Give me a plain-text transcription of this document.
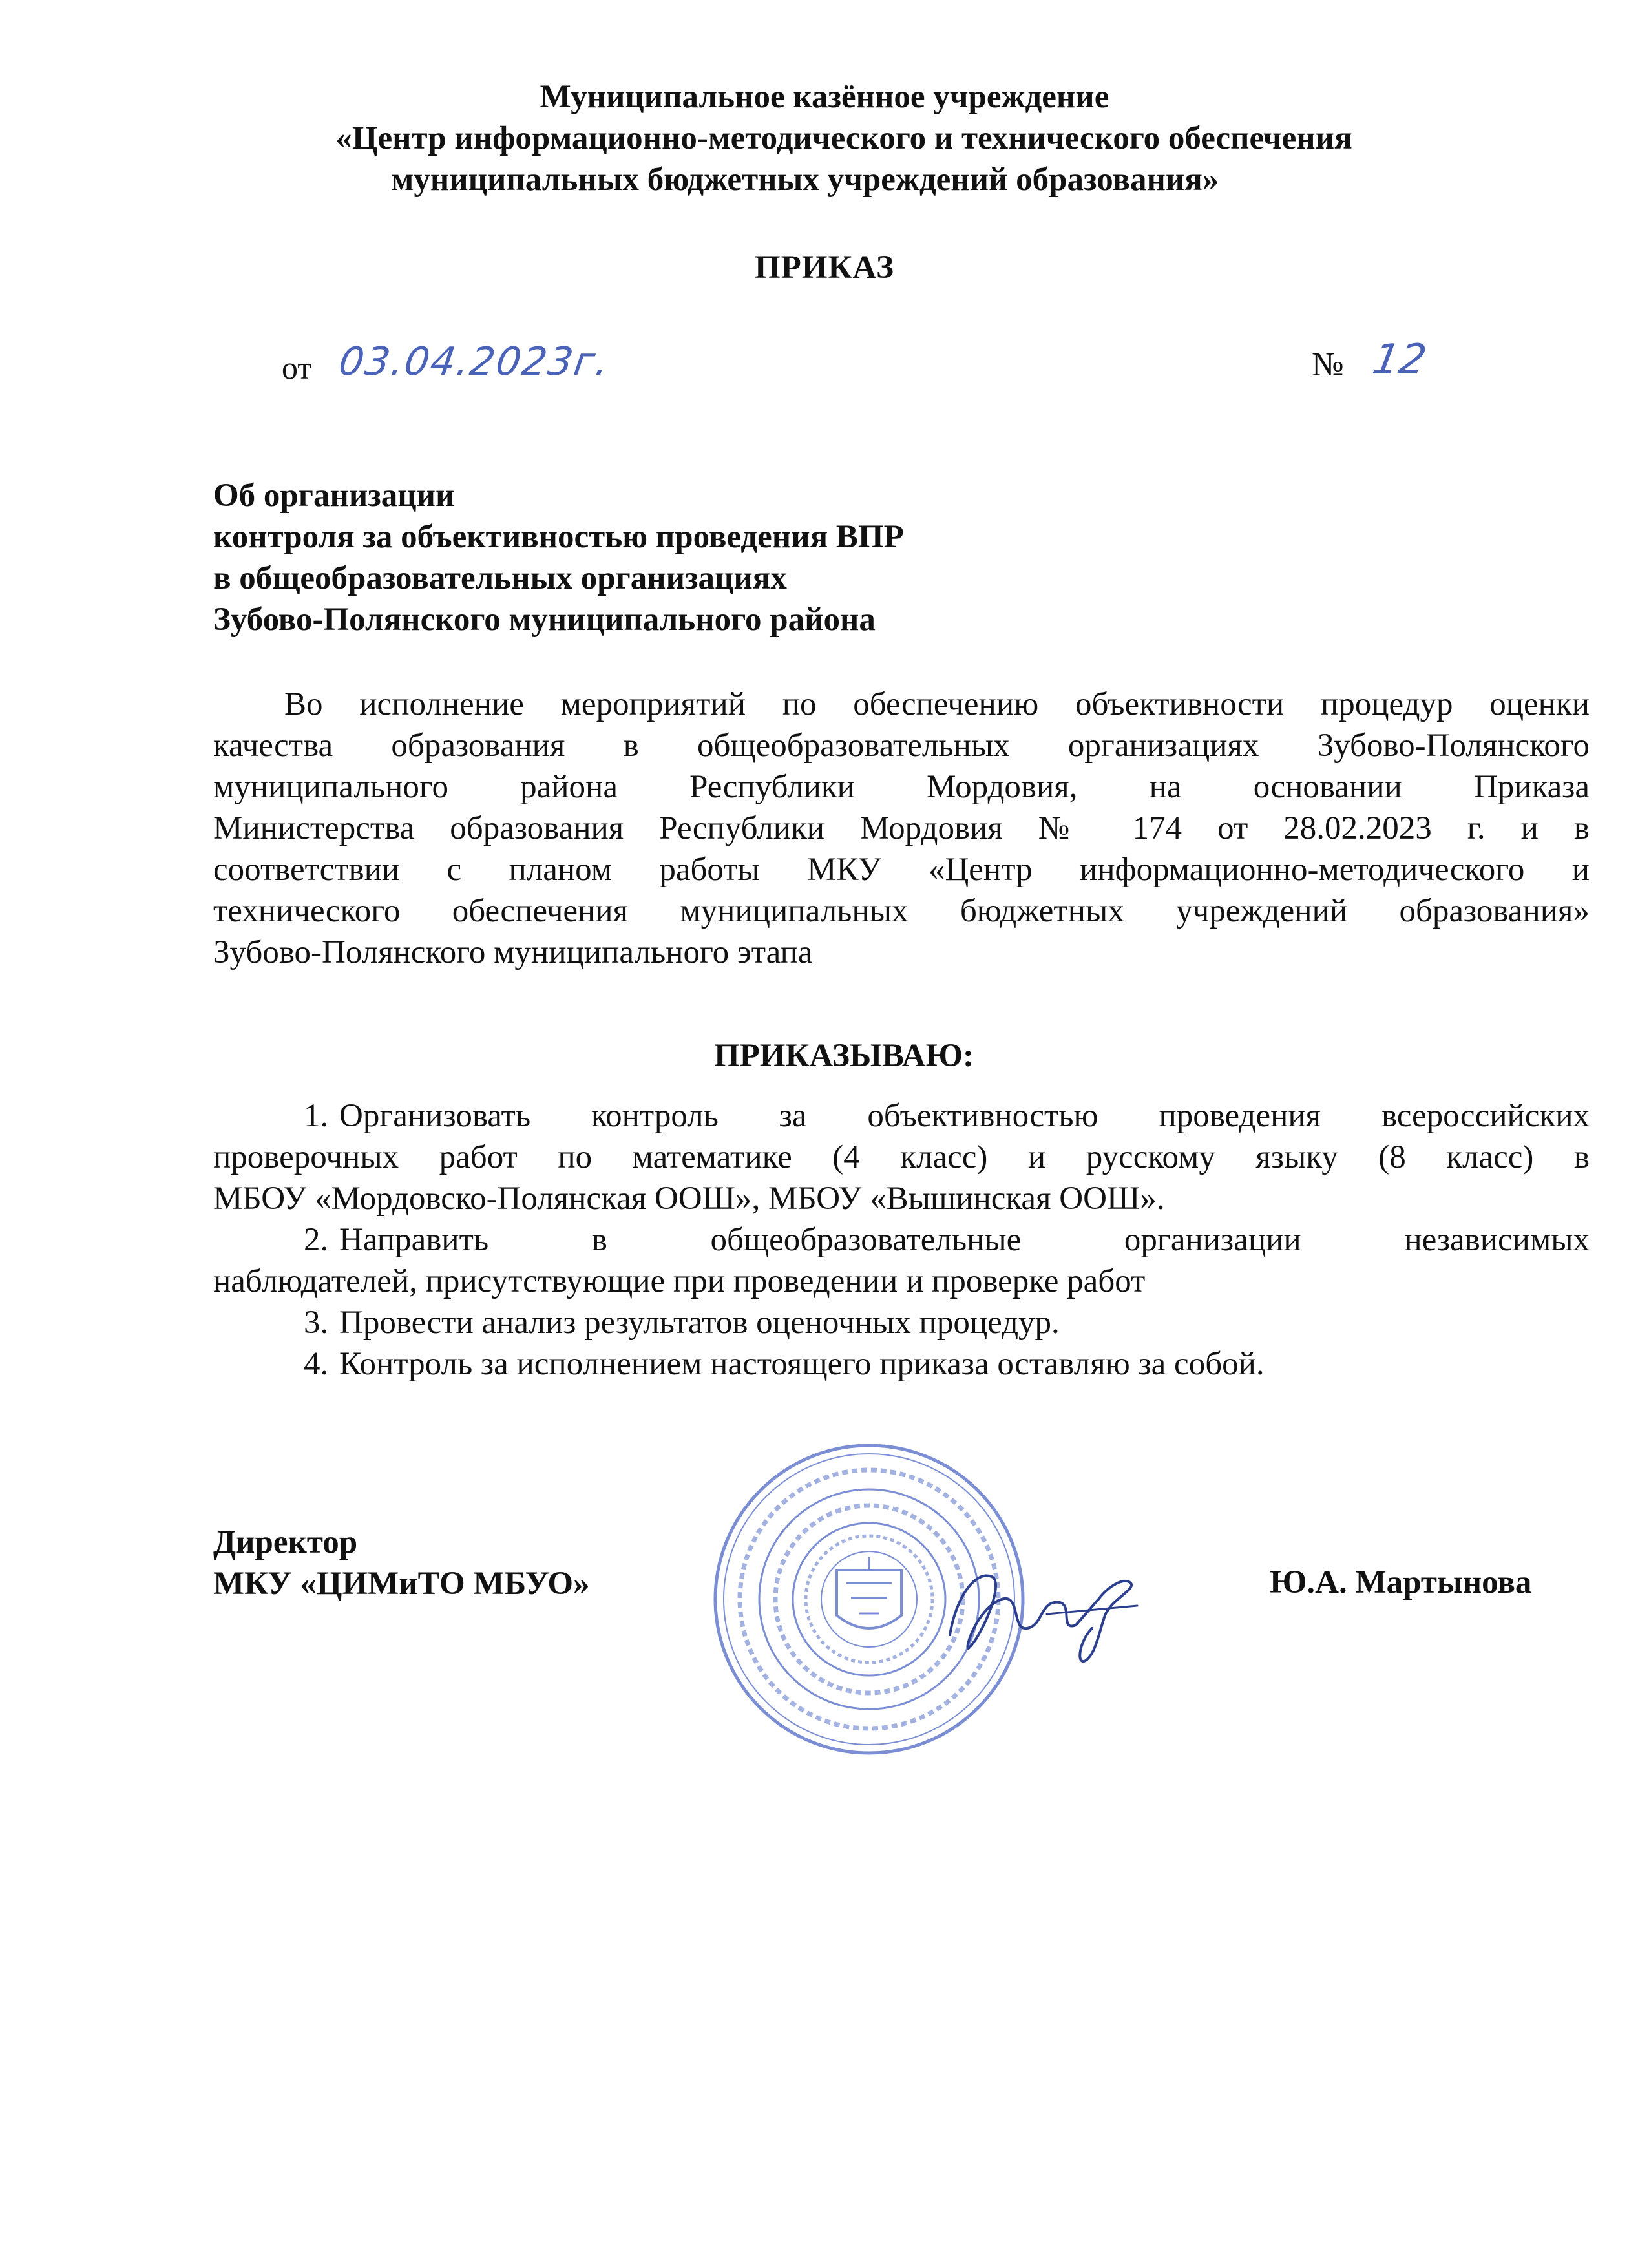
Муниципальное казённое учреждение
«Центр информационно-методического и технического обеспечения
муниципальных бюджетных учреждений образования»
ПРИКАЗ
от 03.04.2023г.	№ 12
Об организации
контроля за объективностью проведения ВПР
в общеобразовательных организациях
Зубово-Полянского муниципального района
Во исполнение мероприятий по обеспечению объективности процедур оценки
качества образования в общеобразовательных организациях Зубово-Полянского
муниципального района Республики Мордовия, на основании Приказа
Министерства образования Республики Мордовия № 174 от 28.02.2023 г. и в
соответствии с планом работы МКУ «Центр информационно-методического и
технического обеспечения муниципальных бюджетных учреждений образования»
Зубово-Полянского муниципального этапа
ПРИКАЗЫВАЮ:
1. Организовать контроль за объективностью проведения всероссийских
проверочных работ по математике (4 класс) и русскому языку (8 класс) в
МБОУ «Мордовско-Полянская ООШ», МБОУ «Вышинская ООШ».
2. Направить в общеобразовательные организации независимых
наблюдателей, присутствующие при проведении и проверке работ
3. Провести анализ результатов оценочных процедур.
4. Контроль за исполнением настоящего приказа оставляю за собой.
Директор
МКУ «ЦИМиТО МБУО»	Ю.А. Мартынова
